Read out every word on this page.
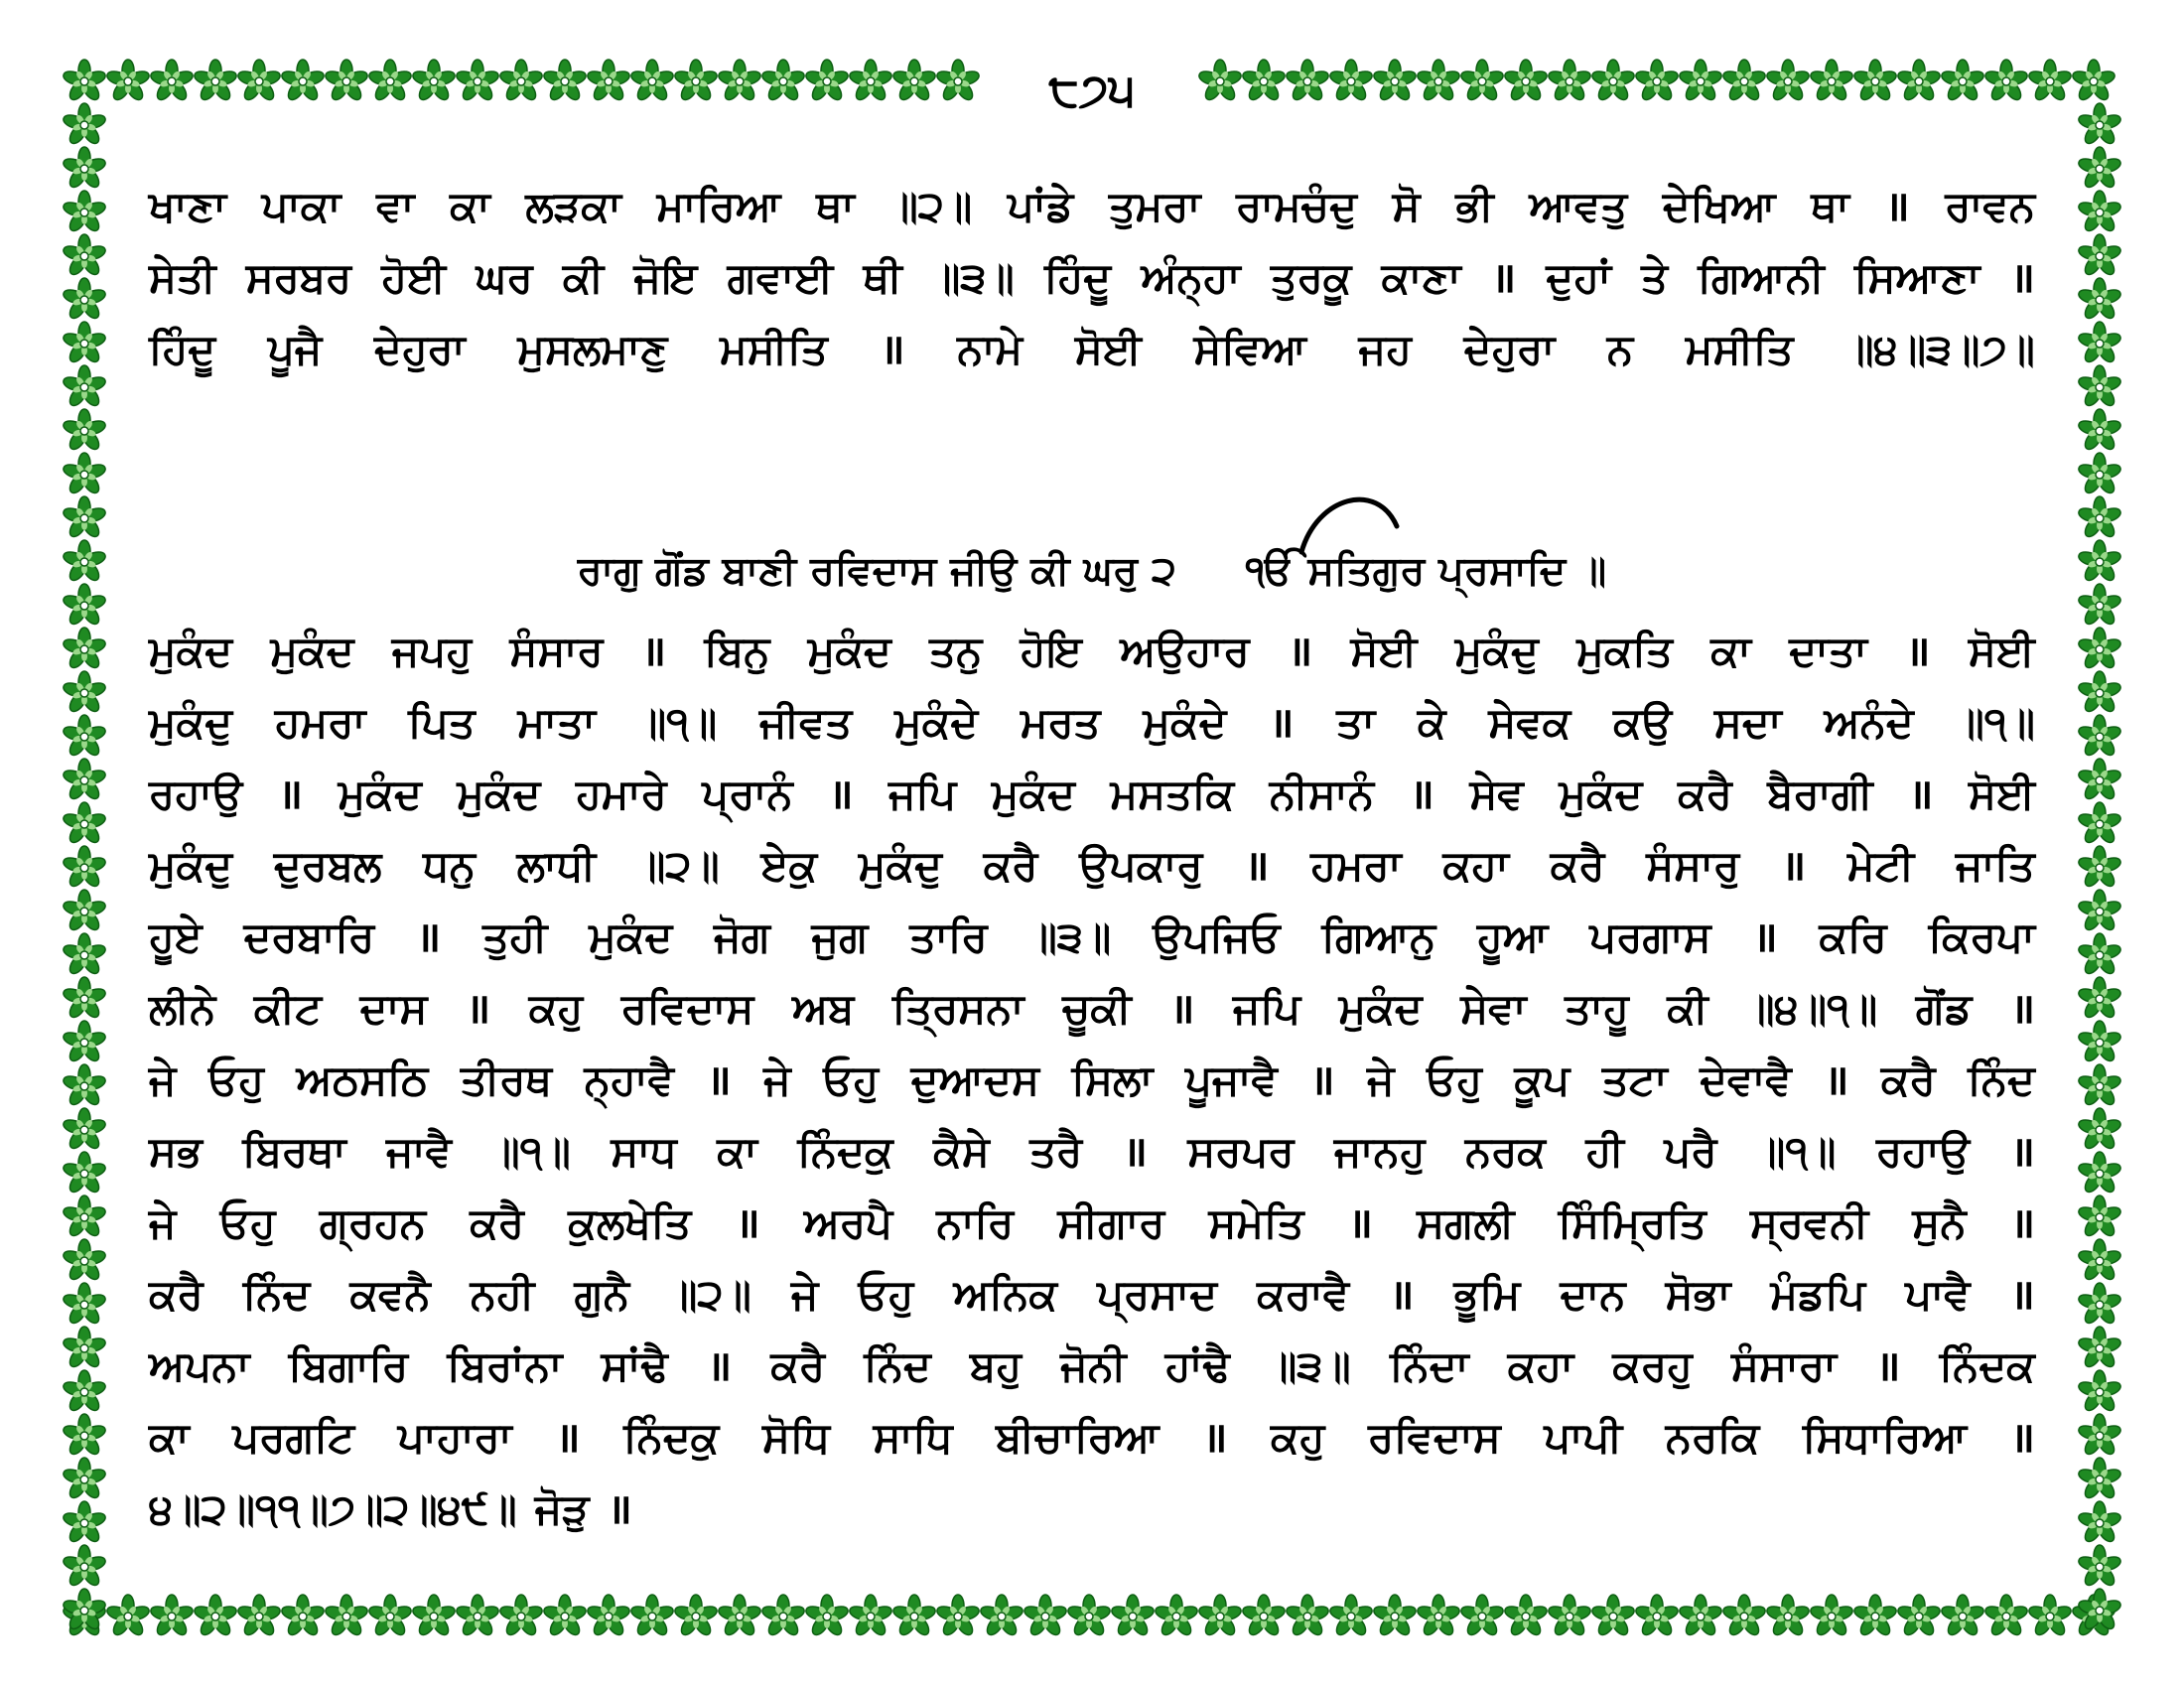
੮੭੫
ਖਾਣਾ ਪਾਕਾ ਵਾ ਕਾ ਲੜਕਾ ਮਾਰਿਆ ਥਾ ॥੨॥ ਪਾਂਡੇ ਤੁਮਰਾ ਰਾਮਚੰਦੁ ਸੋ ਭੀ ਆਵਤੁ ਦੇਖਿਆ ਥਾ ॥ ਰਾਵਨ
ਸੇਤੀ ਸਰਬਰ ਹੋਈ ਘਰ ਕੀ ਜੋਇ ਗਵਾਈ ਥੀ ॥੩॥ ਹਿੰਦੂ ਅੰਨ੍ਹਾ ਤੁਰਕੂ ਕਾਣਾ ॥ ਦੁਹਾਂ ਤੇ ਗਿਆਨੀ ਸਿਆਣਾ ॥
ਹਿੰਦੂ ਪੂਜੈ ਦੇਹੁਰਾ ਮੁਸਲਮਾਣੁ ਮਸੀਤਿ ॥ ਨਾਮੇ ਸੋਈ ਸੇਵਿਆ ਜਹ ਦੇਹੁਰਾ ਨ ਮਸੀਤਿ ॥੪॥੩॥੭॥
ਰਾਗੁ ਗੋਂਡ ਬਾਣੀ ਰਵਿਦਾਸ ਜੀਉ ਕੀ ਘਰੁ ੨ ੴ ਸਤਿਗੁਰ ਪ੍ਰਸਾਦਿ ॥
ਮੁਕੰਦ ਮੁਕੰਦ ਜਪਹੁ ਸੰਸਾਰ ॥ ਬਿਨੁ ਮੁਕੰਦ ਤਨੁ ਹੋਇ ਅਉਹਾਰ ॥ ਸੋਈ ਮੁਕੰਦੁ ਮੁਕਤਿ ਕਾ ਦਾਤਾ ॥ ਸੋਈ
ਮੁਕੰਦੁ ਹਮਰਾ ਪਿਤ ਮਾਤਾ ॥੧॥ ਜੀਵਤ ਮੁਕੰਦੇ ਮਰਤ ਮੁਕੰਦੇ ॥ ਤਾ ਕੇ ਸੇਵਕ ਕਉ ਸਦਾ ਅਨੰਦੇ ॥੧॥
ਰਹਾਉ ॥ ਮੁਕੰਦ ਮੁਕੰਦ ਹਮਾਰੇ ਪ੍ਰਾਨੰ ॥ ਜਪਿ ਮੁਕੰਦ ਮਸਤਕਿ ਨੀਸਾਨੰ ॥ ਸੇਵ ਮੁਕੰਦ ਕਰੈ ਬੈਰਾਗੀ ॥ ਸੋਈ
ਮੁਕੰਦੁ ਦੁਰਬਲ ਧਨੁ ਲਾਧੀ ॥੨॥ ਏਕੁ ਮੁਕੰਦੁ ਕਰੈ ਉਪਕਾਰੁ ॥ ਹਮਰਾ ਕਹਾ ਕਰੈ ਸੰਸਾਰੁ ॥ ਮੇਟੀ ਜਾਤਿ
ਹੂਏ ਦਰਬਾਰਿ ॥ ਤੁਹੀ ਮੁਕੰਦ ਜੋਗ ਜੁਗ ਤਾਰਿ ॥੩॥ ਉਪਜਿਓ ਗਿਆਨੁ ਹੂਆ ਪਰਗਾਸ ॥ ਕਰਿ ਕਿਰਪਾ
ਲੀਨੇ ਕੀਟ ਦਾਸ ॥ ਕਹੁ ਰਵਿਦਾਸ ਅਬ ਤ੍ਰਿਸਨਾ ਚੂਕੀ ॥ ਜਪਿ ਮੁਕੰਦ ਸੇਵਾ ਤਾਹੂ ਕੀ ॥੪॥੧॥ ਗੋਂਡ ॥
ਜੇ ਓਹੁ ਅਠਸਠਿ ਤੀਰਥ ਨ੍ਹਾਵੈ ॥ ਜੇ ਓਹੁ ਦੁਆਦਸ ਸਿਲਾ ਪੂਜਾਵੈ ॥ ਜੇ ਓਹੁ ਕੂਪ ਤਟਾ ਦੇਵਾਵੈ ॥ ਕਰੈ ਨਿੰਦ
ਸਭ ਬਿਰਥਾ ਜਾਵੈ ॥੧॥ ਸਾਧ ਕਾ ਨਿੰਦਕੁ ਕੈਸੇ ਤਰੈ ॥ ਸਰਪਰ ਜਾਨਹੁ ਨਰਕ ਹੀ ਪਰੈ ॥੧॥ ਰਹਾਉ ॥
ਜੇ ਓਹੁ ਗ੍ਰਹਨ ਕਰੈ ਕੁਲਖੇਤਿ ॥ ਅਰਪੈ ਨਾਰਿ ਸੀਗਾਰ ਸਮੇਤਿ ॥ ਸਗਲੀ ਸਿੰਮ੍ਰਿਤਿ ਸ੍ਰਵਨੀ ਸੁਨੈ ॥
ਕਰੈ ਨਿੰਦ ਕਵਨੈ ਨਹੀ ਗੁਨੈ ॥੨॥ ਜੇ ਓਹੁ ਅਨਿਕ ਪ੍ਰਸਾਦ ਕਰਾਵੈ ॥ ਭੂਮਿ ਦਾਨ ਸੋਭਾ ਮੰਡਪਿ ਪਾਵੈ ॥
ਅਪਨਾ ਬਿਗਾਰਿ ਬਿਰਾਂਨਾ ਸਾਂਢੈ ॥ ਕਰੈ ਨਿੰਦ ਬਹੁ ਜੋਨੀ ਹਾਂਢੈ ॥੩॥ ਨਿੰਦਾ ਕਹਾ ਕਰਹੁ ਸੰਸਾਰਾ ॥ ਨਿੰਦਕ
ਕਾ ਪਰਗਟਿ ਪਾਹਾਰਾ ॥ ਨਿੰਦਕੁ ਸੋਧਿ ਸਾਧਿ ਬੀਚਾਰਿਆ ॥ ਕਹੁ ਰਵਿਦਾਸ ਪਾਪੀ ਨਰਕਿ ਸਿਧਾਰਿਆ ॥
੪॥੨॥੧੧॥੭॥੨॥੪੯॥ ਜੋੜੁ ॥
